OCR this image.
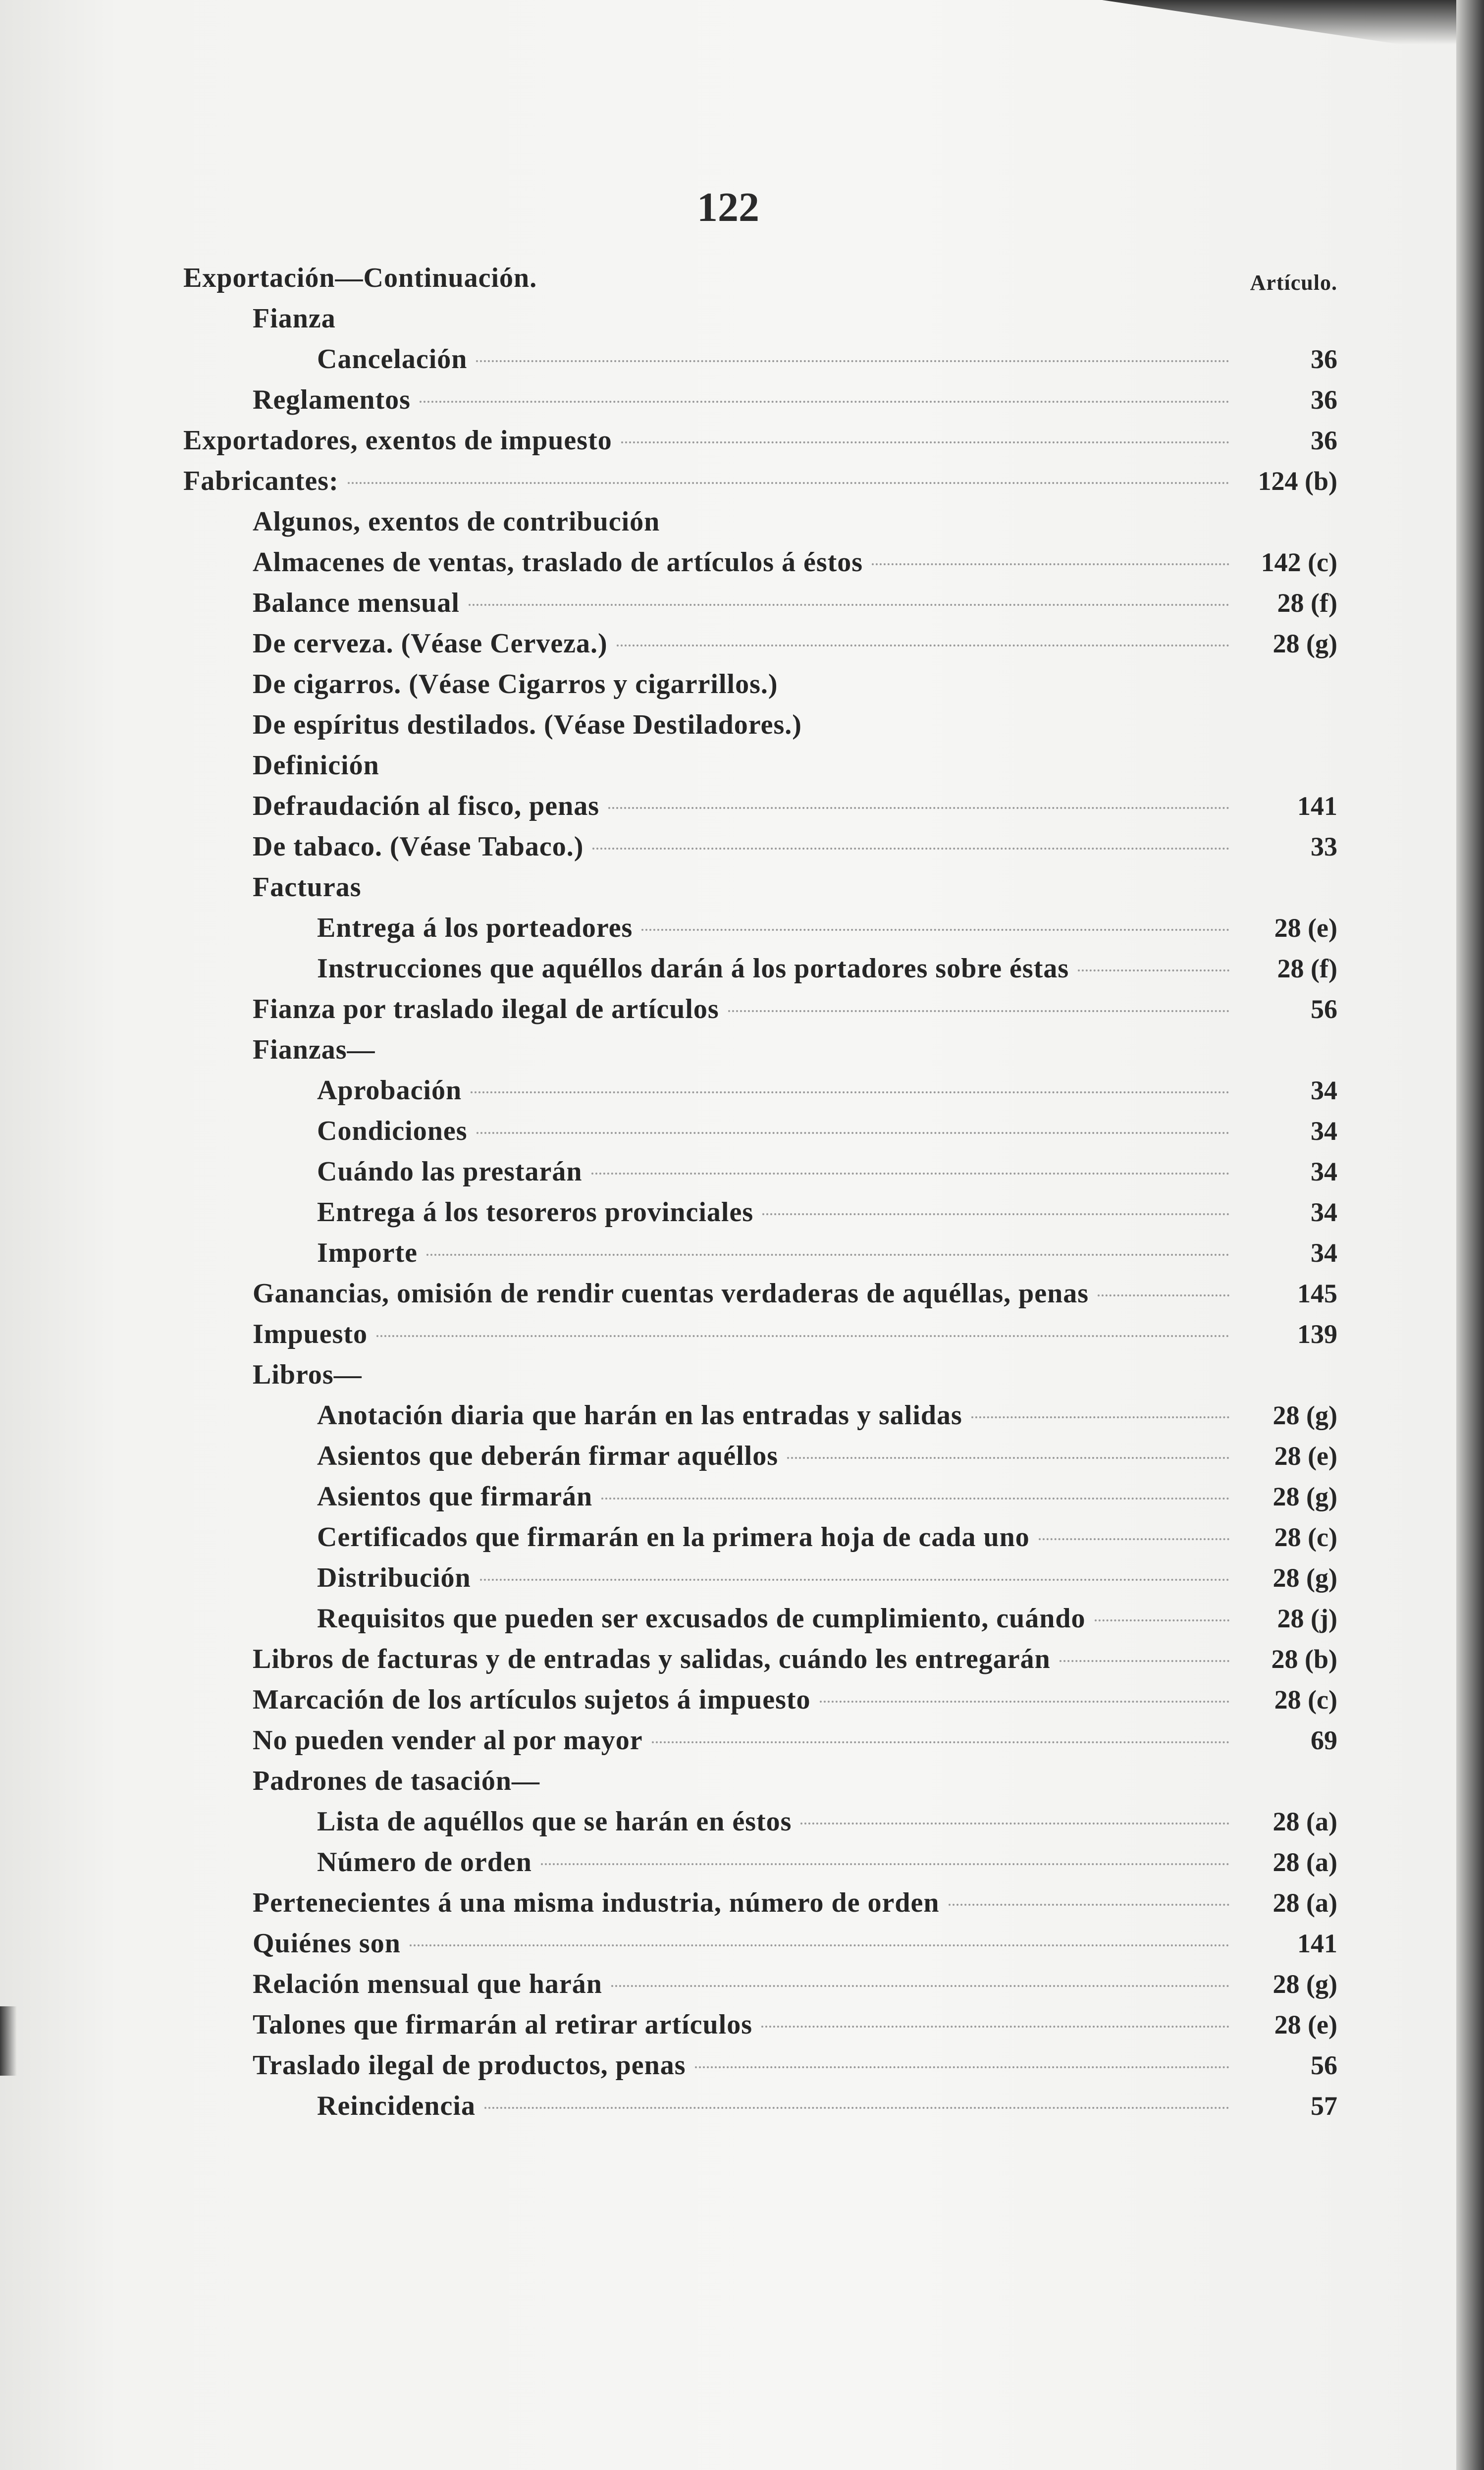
122
Artículo.
Exportación—Continuación.
Fianza
Cancelación	36
Reglamentos	36
Exportadores, exentos de impuesto	36
Fabricantes:	124 (b)
Algunos, exentos de contribución
Almacenes de ventas, traslado de artículos á éstos	142 (c)
Balance mensual	28 (f)
De cerveza. (Véase Cerveza.)	28 (g)
De cigarros. (Véase Cigarros y cigarrillos.)
De espíritus destilados. (Véase Destiladores.)
Definición
Defraudación al fisco, penas	141
De tabaco. (Véase Tabaco.)	33
Facturas
Entrega á los porteadores	28 (e)
Instrucciones que aquéllos darán á los portadores sobre éstas	28 (f)
Fianza por traslado ilegal de artículos	56
Fianzas—
Aprobación	34
Condiciones	34
Cuándo las prestarán	34
Entrega á los tesoreros provinciales	34
Importe	34
Ganancias, omisión de rendir cuentas verdaderas de aquéllas, penas	145
Impuesto	139
Libros—
Anotación diaria que harán en las entradas y salidas	28 (g)
Asientos que deberán firmar aquéllos	28 (e)
Asientos que firmarán	28 (g)
Certificados que firmarán en la primera hoja de cada uno	28 (c)
Distribución	28 (g)
Requisitos que pueden ser excusados de cumplimiento, cuándo	28 (j)
Libros de facturas y de entradas y salidas, cuándo les entregarán	28 (b)
Marcación de los artículos sujetos á impuesto	28 (c)
No pueden vender al por mayor	69
Padrones de tasación—
Lista de aquéllos que se harán en éstos	28 (a)
Número de orden	28 (a)
Pertenecientes á una misma industria, número de orden	28 (a)
Quiénes son	141
Relación mensual que harán	28 (g)
Talones que firmarán al retirar artículos	28 (e)
Traslado ilegal de productos, penas	56
Reincidencia	57
